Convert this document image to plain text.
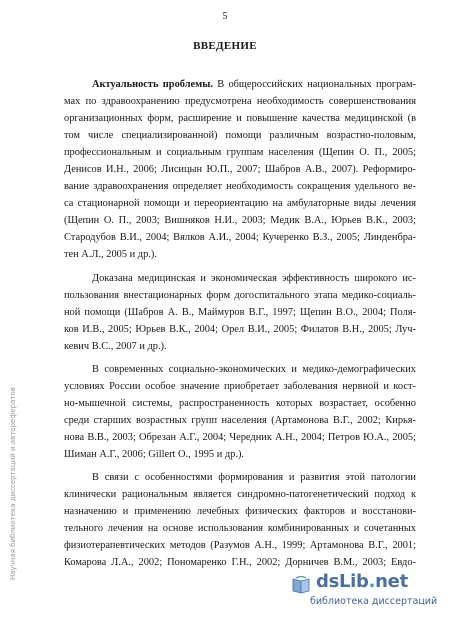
5
ВВЕДЕНИЕ
Актуальность проблемы. В общероссийских национальных програм-
мах по здравоохранению предусмотрена необходимость совершенствования
организационных форм, расширение и повышение качества медицинской (в
том числе специализированной) помощи различным возрастно-половым,
профессиональным и социальным группам населения (Щепин О. П., 2005;
Денисов И.Н., 2006; Лисицын Ю.П., 2007; Шабров А.В., 2007). Реформиро-
вание здравоохранения определяет необходимость сокращения удельного ве-
са стационарной помощи и переориентацию на амбулаторные виды лечения
(Щепин О. П., 2003; Вишняков Н.И., 2003; Медик В.А., Юрьев В.К., 2003;
Стародубов В.И., 2004; Вялков А.И., 2004; Кучеренко В.З., 2005; Линденбра-
тен А.Л., 2005 и др.).
Доказана медицинская и экономическая эффективность широкого ис-
пользования внестационарных форм догоспитального этапа медико-социаль-
ной помощи (Шабров А. В., Маймуров В.Г., 1997; Щепин В.О., 2004; Поля-
ков И.В., 2005; Юрьев В.К., 2004; Орел В.И., 2005; Филатов В.Н., 2005; Луч-
кевич В.С., 2007 и др.).
В современных социально-экономических и медико-демографических
условиях России особое значение приобретает заболевания нервной и кост-
но-мышечной системы, распространенность которых возрастает, особенно
среди старших возрастных групп населения (Артамонова В.Г., 2002; Кирья-
нова В.В., 2003; Обрезан А.Г., 2004; Чередник А.Н., 2004; Петров Ю.А., 2005;
Шиман А.Г., 2006; Gillert O., 1995 и др.).
В связи с особенностями формирования и развития этой патологии
клинически рациональным является синдромно-патогенетический подход к
назначению и применению лечебных физических факторов и восстанови-
тельного лечения на основе использования комбинированных и сочетанных
физиотерапевтических методов (Разумов А.Н., 1999; Артамонова В.Г., 2001;
Комарова Л.А., 2002; Пономаренко Г.Н., 2002; Дорничев В.М., 2003; Евдо-
Научная библиотека диссертаций и авторефератов
dsLib.net
библиотека диссертаций
